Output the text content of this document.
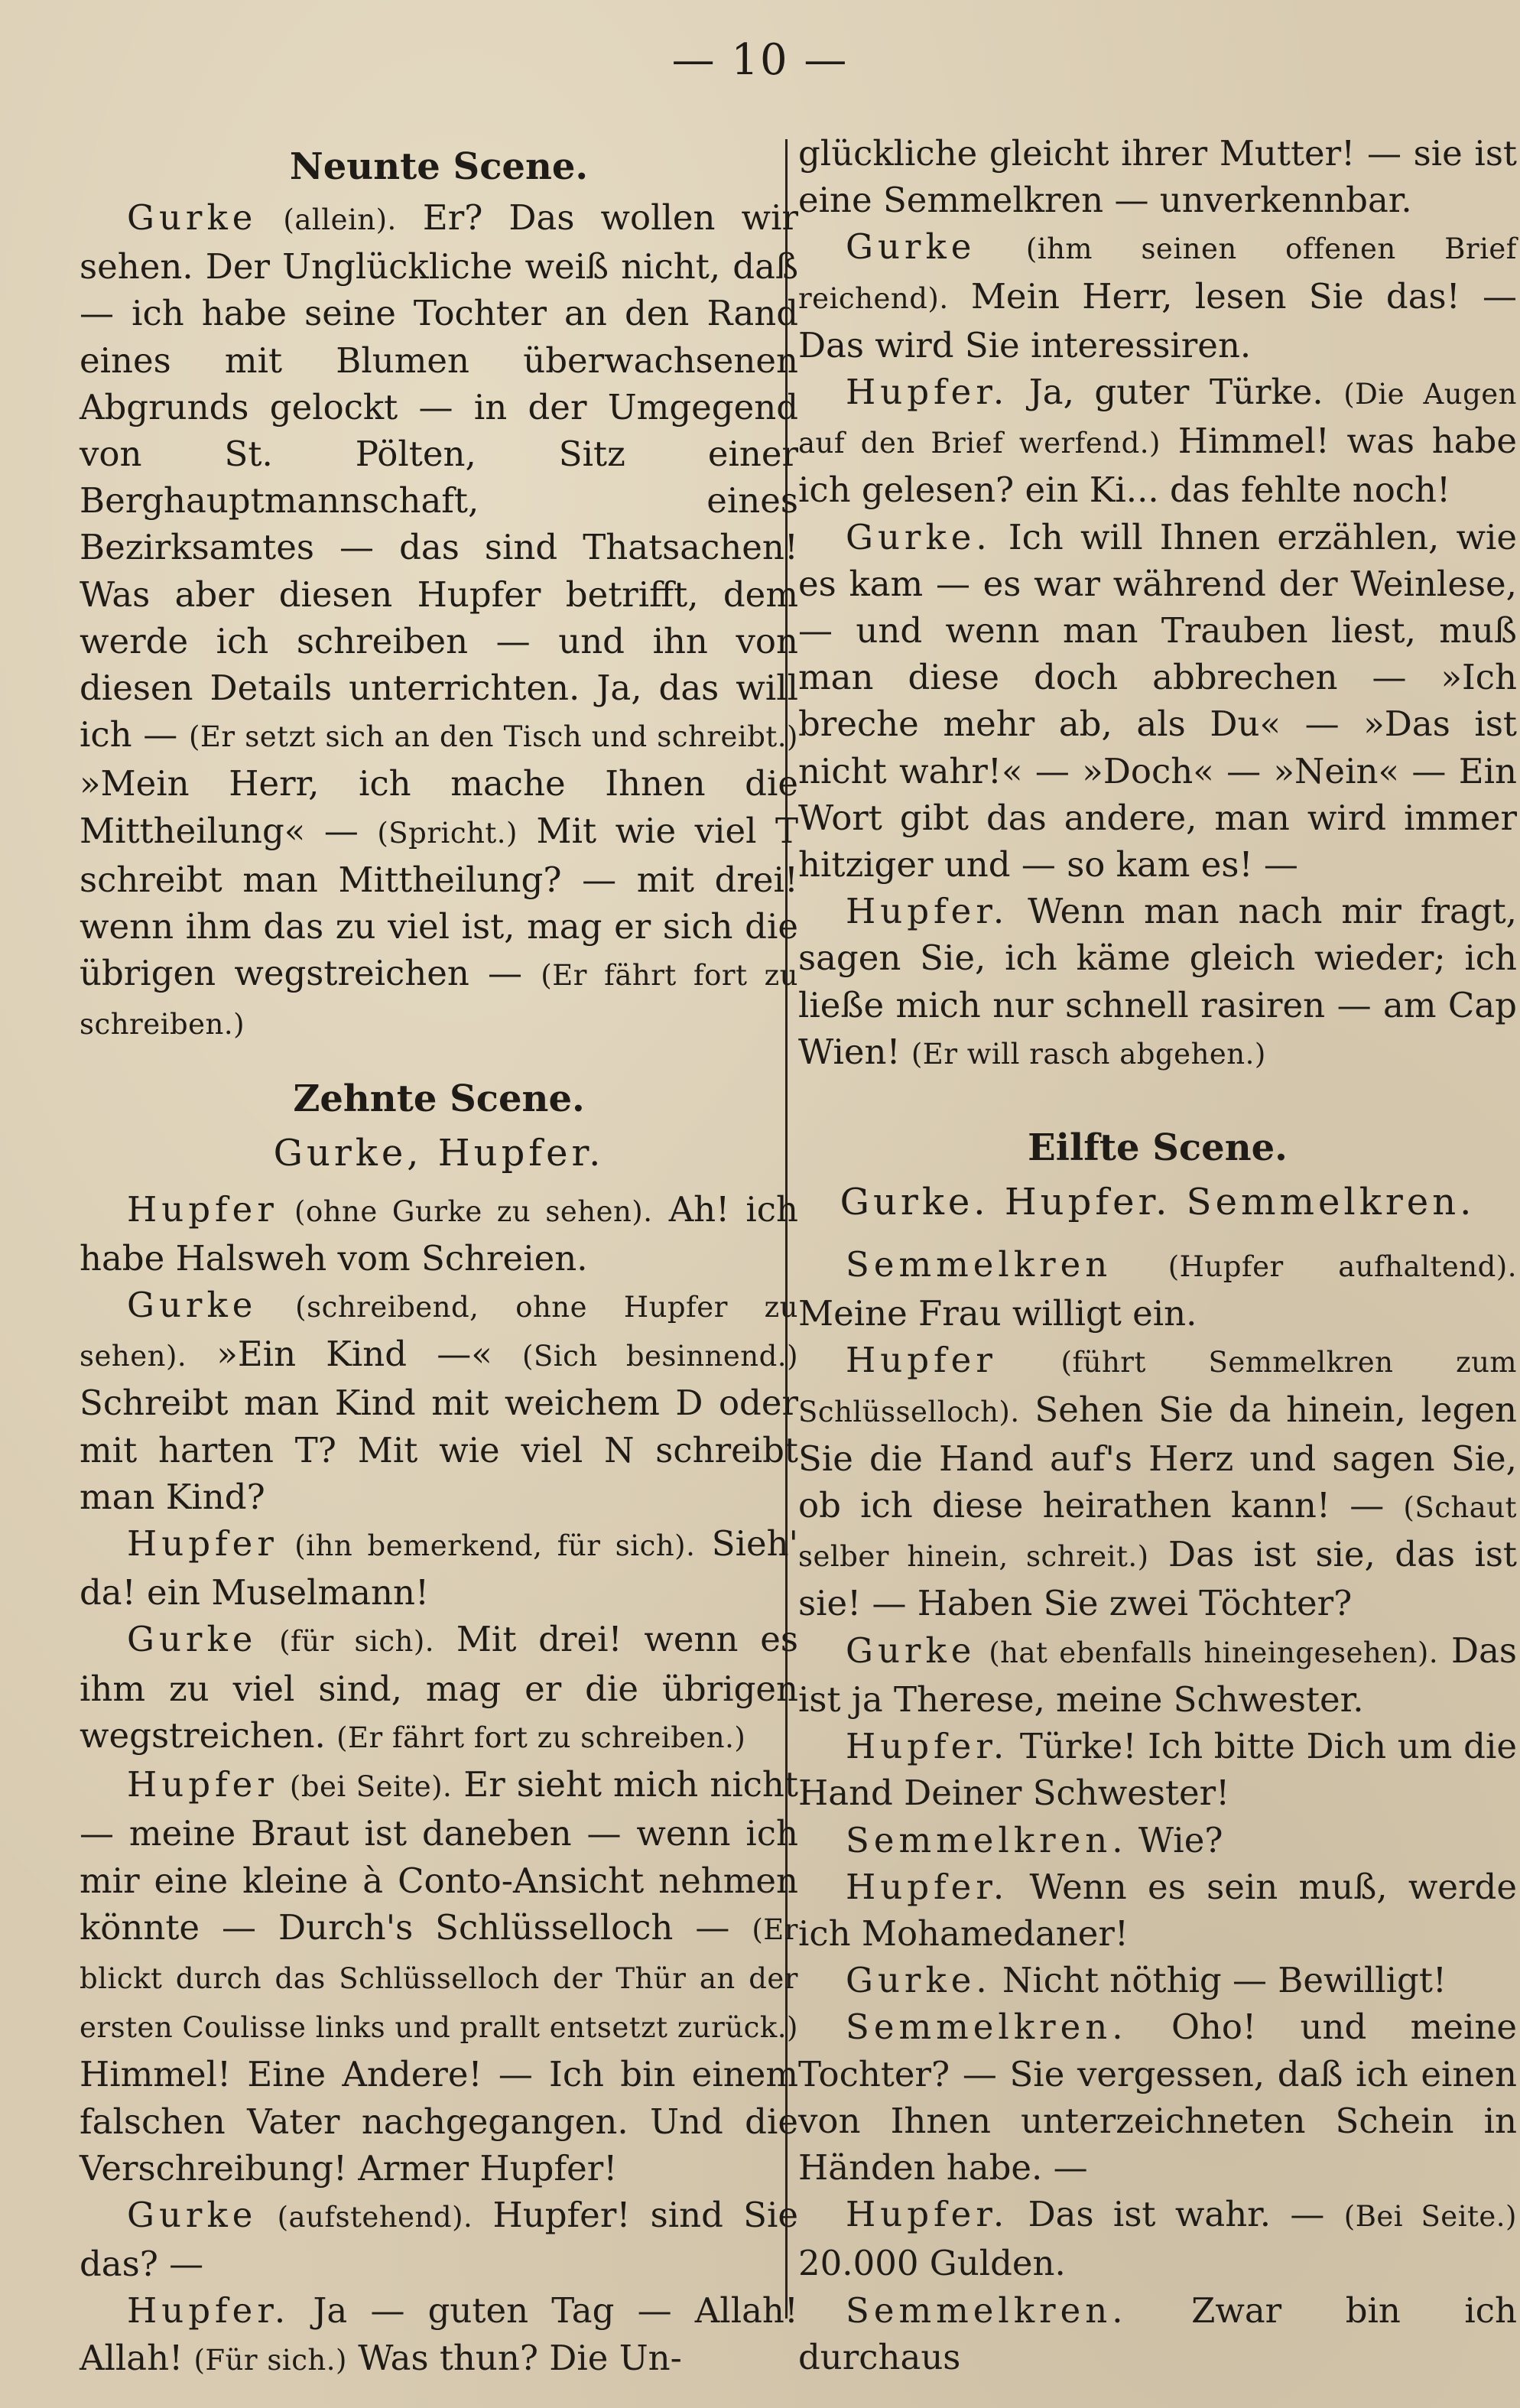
— 10 —
Neunte Scene.

Gurke (allein). Er? Das wollen wir sehen. Der Unglückliche weiß nicht, daß — ich habe seine Tochter an den Rand eines mit Blumen überwachsenen Abgrunds gelockt — in der Umgegend von St. Pölten, Sitz einer Berghauptmannschaft, eines Bezirksamtes — das sind Thatsachen! Was aber diesen Hupfer betrifft, dem werde ich schreiben — und ihn von diesen Details unterrichten. Ja, das will ich — (Er setzt sich an den Tisch und schreibt.) »Mein Herr, ich mache Ihnen die Mittheilung« — (Spricht.) Mit wie viel T schreibt man Mittheilung? — mit drei! wenn ihm das zu viel ist, mag er sich die übrigen wegstreichen — (Er fährt fort zu schreiben.)

Zehnte Scene.
Gurke, Hupfer.

Hupfer (ohne Gurke zu sehen). Ah! ich habe Halsweh vom Schreien.

Gurke (schreibend, ohne Hupfer zu sehen). »Ein Kind —« (Sich besinnend.) Schreibt man Kind mit weichem D oder mit harten T? Mit wie viel N schreibt man Kind?

Hupfer (ihn bemerkend, für sich). Sieh' da! ein Muselmann!

Gurke (für sich). Mit drei! wenn es ihm zu viel sind, mag er die übrigen wegstreichen. (Er fährt fort zu schreiben.)

Hupfer (bei Seite). Er sieht mich nicht — meine Braut ist daneben — wenn ich mir eine kleine à Conto-Ansicht nehmen könnte — Durch's Schlüsselloch — (Er blickt durch das Schlüsselloch der Thür an der ersten Coulisse links und prallt entsetzt zurück.) Himmel! Eine Andere! — Ich bin einem falschen Vater nachgegangen. Und die Verschreibung! Armer Hupfer!

Gurke (aufstehend). Hupfer! sind Sie das? —

Hupfer. Ja — guten Tag — Allah! Allah! (Für sich.) Was thun? Die Un-

glückliche gleicht ihrer Mutter! — sie ist eine Semmelkren — unverkennbar.

Gurke (ihm seinen offenen Brief reichend). Mein Herr, lesen Sie das! — Das wird Sie interessiren.

Hupfer. Ja, guter Türke. (Die Augen auf den Brief werfend.) Himmel! was habe ich gelesen? ein Ki... das fehlte noch!

Gurke. Ich will Ihnen erzählen, wie es kam — es war während der Weinlese, — und wenn man Trauben liest, muß man diese doch abbrechen — »Ich breche mehr ab, als Du« — »Das ist nicht wahr!« — »Doch« — »Nein« — Ein Wort gibt das andere, man wird immer hitziger und — so kam es! —

Hupfer. Wenn man nach mir fragt, sagen Sie, ich käme gleich wieder; ich ließe mich nur schnell rasiren — am Cap Wien! (Er will rasch abgehen.)

Eilfte Scene.
Gurke. Hupfer. Semmelkren.

Semmelkren (Hupfer aufhaltend). Meine Frau willigt ein.

Hupfer (führt Semmelkren zum Schlüsselloch). Sehen Sie da hinein, legen Sie die Hand auf's Herz und sagen Sie, ob ich diese heirathen kann! — (Schaut selber hinein, schreit.) Das ist sie, das ist sie! — Haben Sie zwei Töchter?

Gurke (hat ebenfalls hineingesehen). Das ist ja Therese, meine Schwester.

Hupfer. Türke! Ich bitte Dich um die Hand Deiner Schwester!

Semmelkren. Wie?

Hupfer. Wenn es sein muß, werde ich Mohamedaner!

Gurke. Nicht nöthig — Bewilligt!

Semmelkren. Oho! und meine Tochter? — Sie vergessen, daß ich einen von Ihnen unterzeichneten Schein in Händen habe. —

Hupfer. Das ist wahr. — (Bei Seite.) 20.000 Gulden.

Semmelkren. Zwar bin ich durchaus
